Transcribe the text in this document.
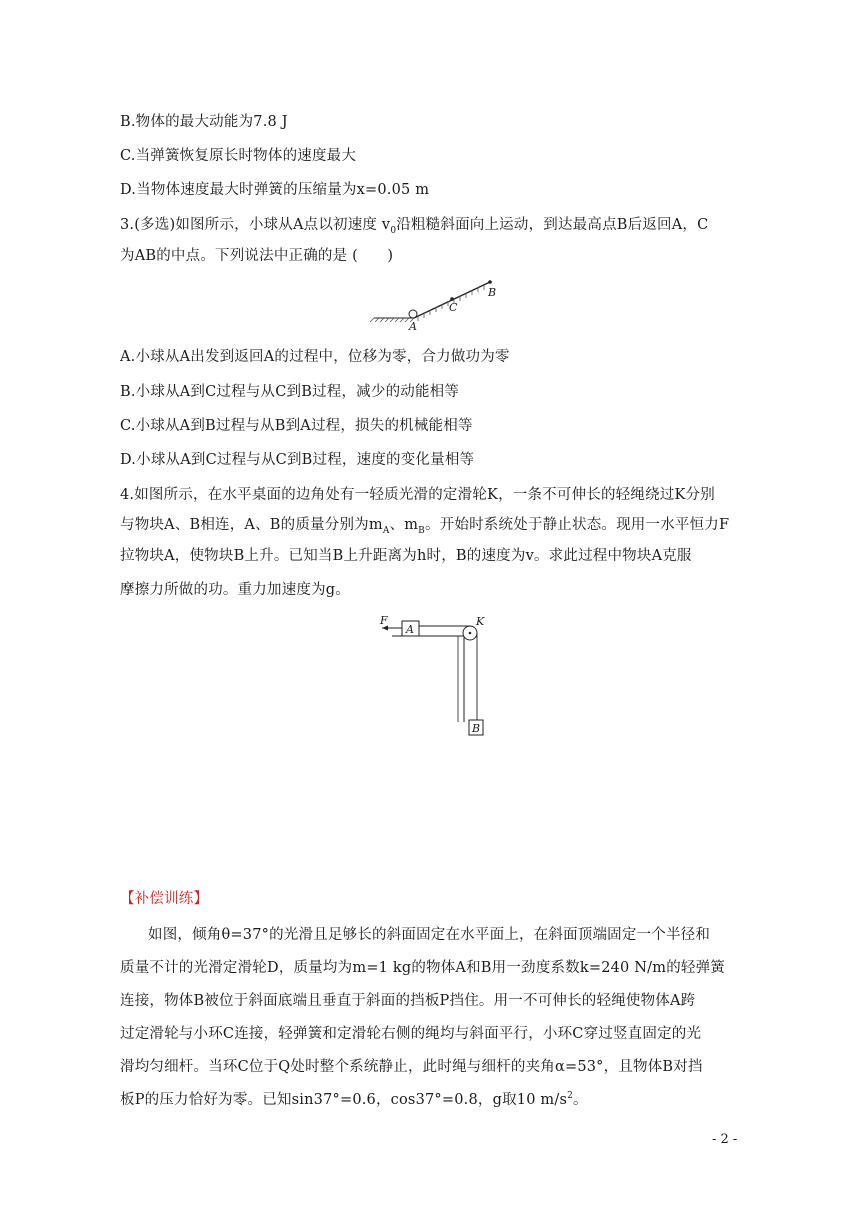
B.物体的最大动能为7.8 J
C.当弹簧恢复原长时物体的速度最大
D.当物体速度最大时弹簧的压缩量为x=0.05 m
3.(多选)如图所示，小球从A点以初速度 $v_0$沿粗糙斜面向上运动，到达最高点B后返回A，C
为AB的中点。下列说法中正确的是 (　　)
A
C
B
A.小球从A出发到返回A的过程中，位移为零，合力做功为零
B.小球从A到C过程与从C到B过程，减少的动能相等
C.小球从A到B过程与从B到A过程，损失的机械能相等
D.小球从A到C过程与从C到B过程，速度的变化量相等
4.如图所示，在水平桌面的边角处有一轻质光滑的定滑轮K，一条不可伸长的轻绳绕过K分别
与物块A、B相连，A、B的质量分别为$m_A$、$m_B$。开始时系统处于静止状态。现用一水平恒力F
拉物块A，使物块B上升。已知当B上升距离为h时，B的速度为v。求此过程中物块A克服
摩擦力所做的功。重力加速度为g。
F
A
K
B
【补偿训练】
如图，倾角θ=37°的光滑且足够长的斜面固定在水平面上，在斜面顶端固定一个半径和
质量不计的光滑定滑轮D，质量均为m=1 kg的物体A和B用一劲度系数k=240 N/m的轻弹簧
连接，物体B被位于斜面底端且垂直于斜面的挡板P挡住。用一不可伸长的轻绳使物体A跨
过定滑轮与小环C连接，轻弹簧和定滑轮右侧的绳均与斜面平行，小环C穿过竖直固定的光
滑均匀细杆。当环C位于Q处时整个系统静止，此时绳与细杆的夹角α=53°，且物体B对挡
板P的压力恰好为零。已知sin37°=0.6，cos37°=0.8，g取10 $m/s^2$。
- 2 -
